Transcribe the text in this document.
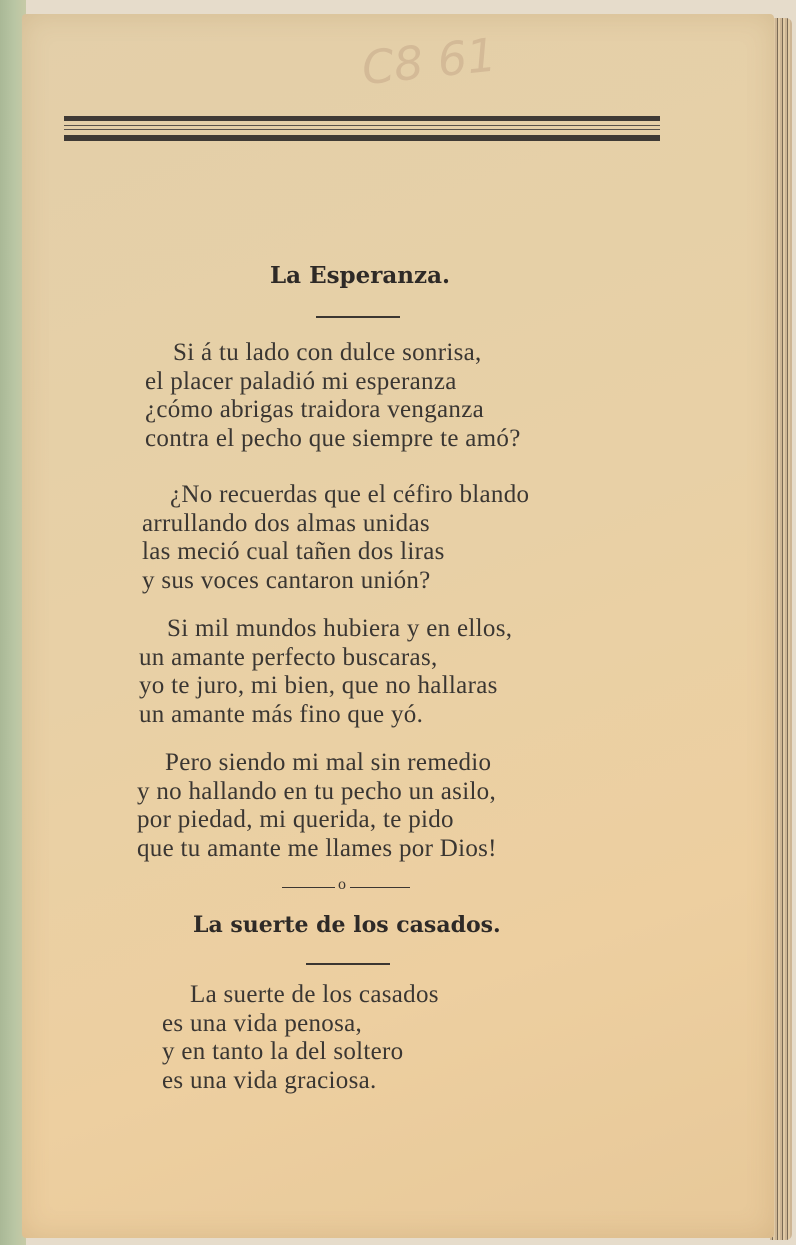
C8 61
La Esperanza.
Si á tu lado con dulce sonrisa,
el placer paladió mi esperanza
¿cómo abrigas traidora venganza
contra el pecho que siempre te amó?
¿No recuerdas que el céfiro blando
arrullando dos almas unidas
las meció cual tañen dos liras
y sus voces cantaron unión?
Si mil mundos hubiera y en ellos,
un amante perfecto buscaras,
yo te juro, mi bien, que no hallaras
un amante más fino que yó.
Pero siendo mi mal sin remedio
y no hallando en tu pecho un asilo,
por piedad, mi querida, te pido
que tu amante me llames por Dios!
o
La suerte de los casados.
La suerte de los casados
es una vida penosa,
y en tanto la del soltero
es una vida graciosa.
